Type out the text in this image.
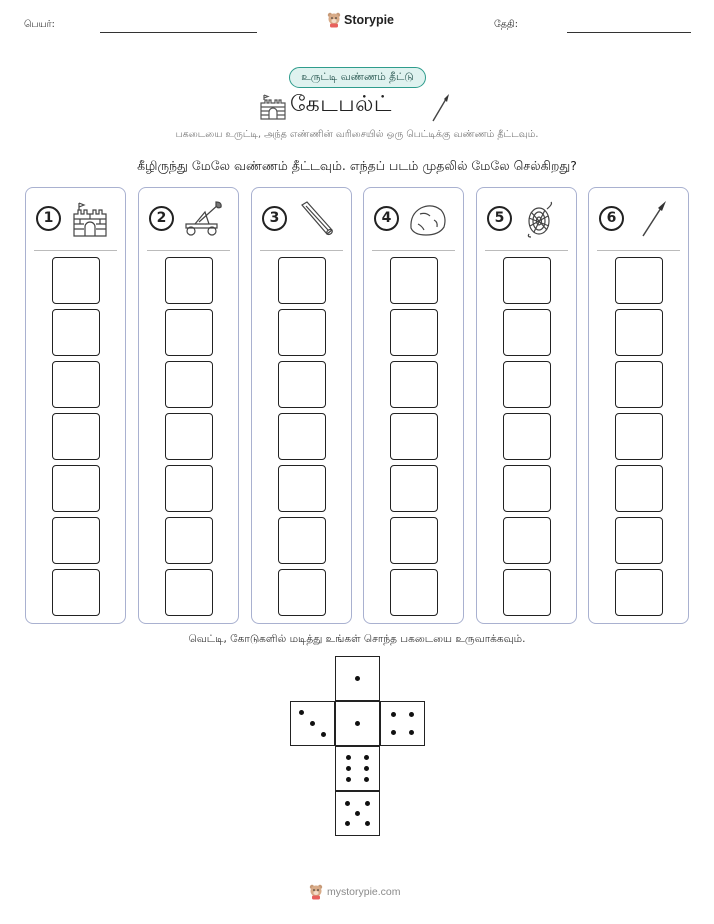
பெயர்:	Storypie	தேதி:
உருட்டி வண்ணம் தீட்டு
கேடபல்ட்
பகடையை உருட்டி, அந்த எண்ணின் வரிசையில் ஒரு பெட்டிக்கு வண்ணம் தீட்டவும்.
கீழிருந்து மேலே வண்ணம் தீட்டவும். எந்தப் படம் முதலில் மேலே செல்கிறது?
1	2	3	4	5	6
வெட்டி, கோடுகளில் மடித்து உங்கள் சொந்த பகடையை உருவாக்கவும்.
mystorypie.com
